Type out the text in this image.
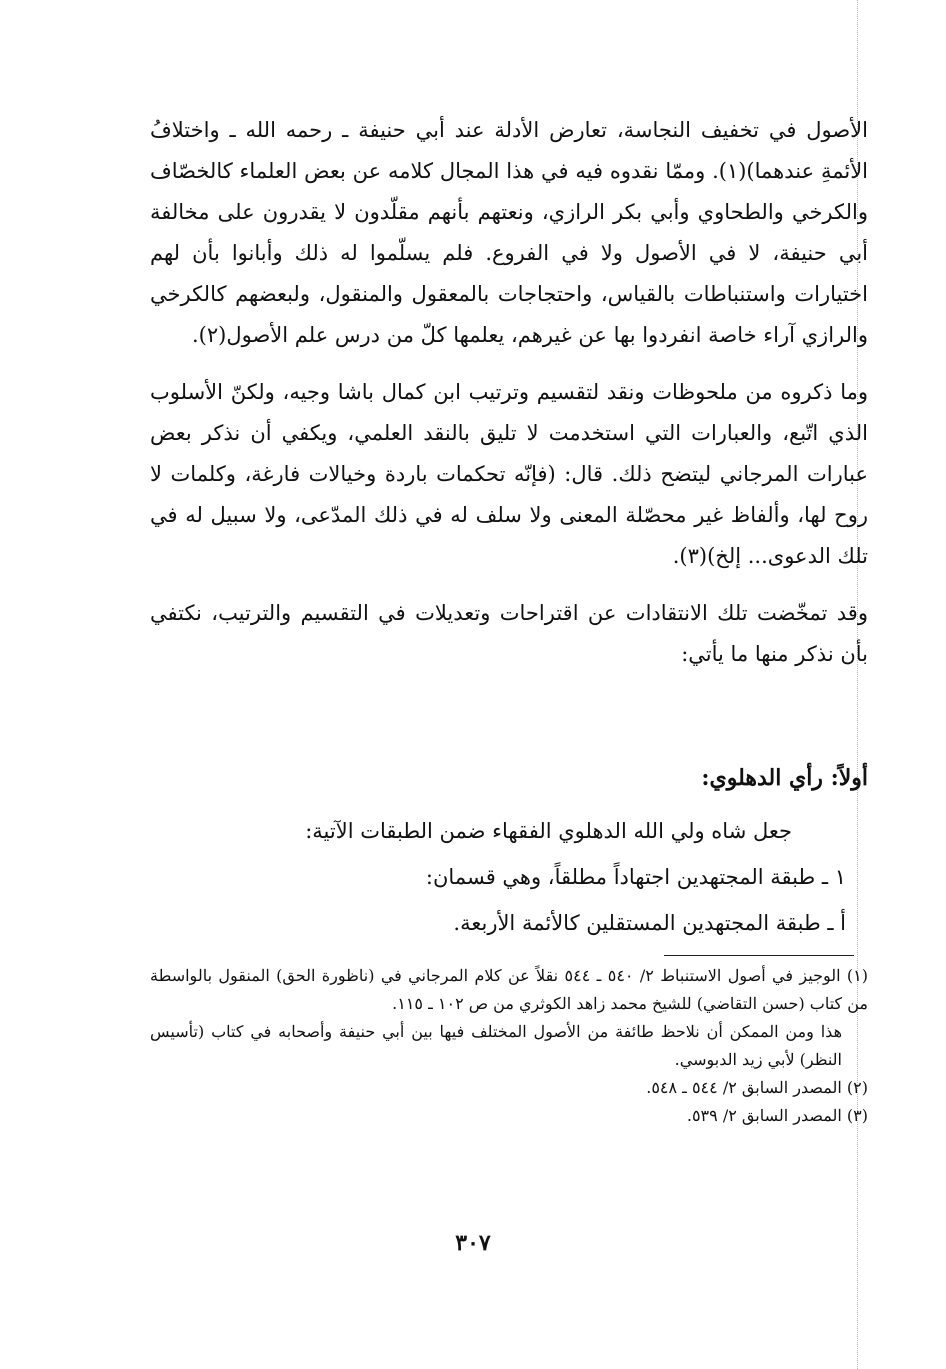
الأصول في تخفيف النجاسة، تعارض الأدلة عند أبي حنيفة ـ رحمه الله ـ واختلافُ الأئمةِ عندهما)(١). وممّا نقدوه فيه في هذا المجال كلامه عن بعض العلماء كالخصّاف والكرخي والطحاوي وأبي بكر الرازي، ونعتهم بأنهم مقلّدون لا يقدرون على مخالفة أبي حنيفة، لا في الأصول ولا في الفروع. فلم يسلّموا له ذلك وأبانوا بأن لهم اختيارات واستنباطات بالقياس، واحتجاجات بالمعقول والمنقول، ولبعضهم كالكرخي والرازي آراء خاصة انفردوا بها عن غيرهم، يعلمها كلّ من درس علم الأصول(٢).

وما ذكروه من ملحوظات ونقد لتقسيم وترتيب ابن كمال باشا وجيه، ولكنّ الأسلوب الذي اتّبع، والعبارات التي استخدمت لا تليق بالنقد العلمي، ويكفي أن نذكر بعض عبارات المرجاني ليتضح ذلك. قال: (فإنّه تحكمات باردة وخيالات فارغة، وكلمات لا روح لها، وألفاظ غير محصّلة المعنى ولا سلف له في ذلك المدّعى، ولا سبيل له في تلك الدعوى... إلخ)(٣).

وقد تمخّضت تلك الانتقادات عن اقتراحات وتعديلات في التقسيم والترتيب، نكتفي بأن نذكر منها ما يأتي:

أولاً: رأي الدهلوي:

جعل شاه ولي الله الدهلوي الفقهاء ضمن الطبقات الآتية:

١ ـ طبقة المجتهدين اجتهاداً مطلقاً، وهي قسمان:

أ ـ طبقة المجتهدين المستقلين كالأئمة الأربعة.

(١) الوجيز في أصول الاستنباط ٢/ ٥٤٠ ـ ٥٤٤ نقلاً عن كلام المرجاني في (ناظورة الحق) المنقول بالواسطة من كتاب (حسن التقاضي) للشيخ محمد زاهد الكوثري من ص ١٠٢ ـ ١١٥.

هذا ومن الممكن أن نلاحظ طائفة من الأصول المختلف فيها بين أبي حنيفة وأصحابه في كتاب (تأسيس النظر) لأبي زيد الدبوسي.

(٢) المصدر السابق ٢/ ٥٤٤ ـ ٥٤٨.

(٣) المصدر السابق ٢/ ٥٣٩.

٣٠٧
